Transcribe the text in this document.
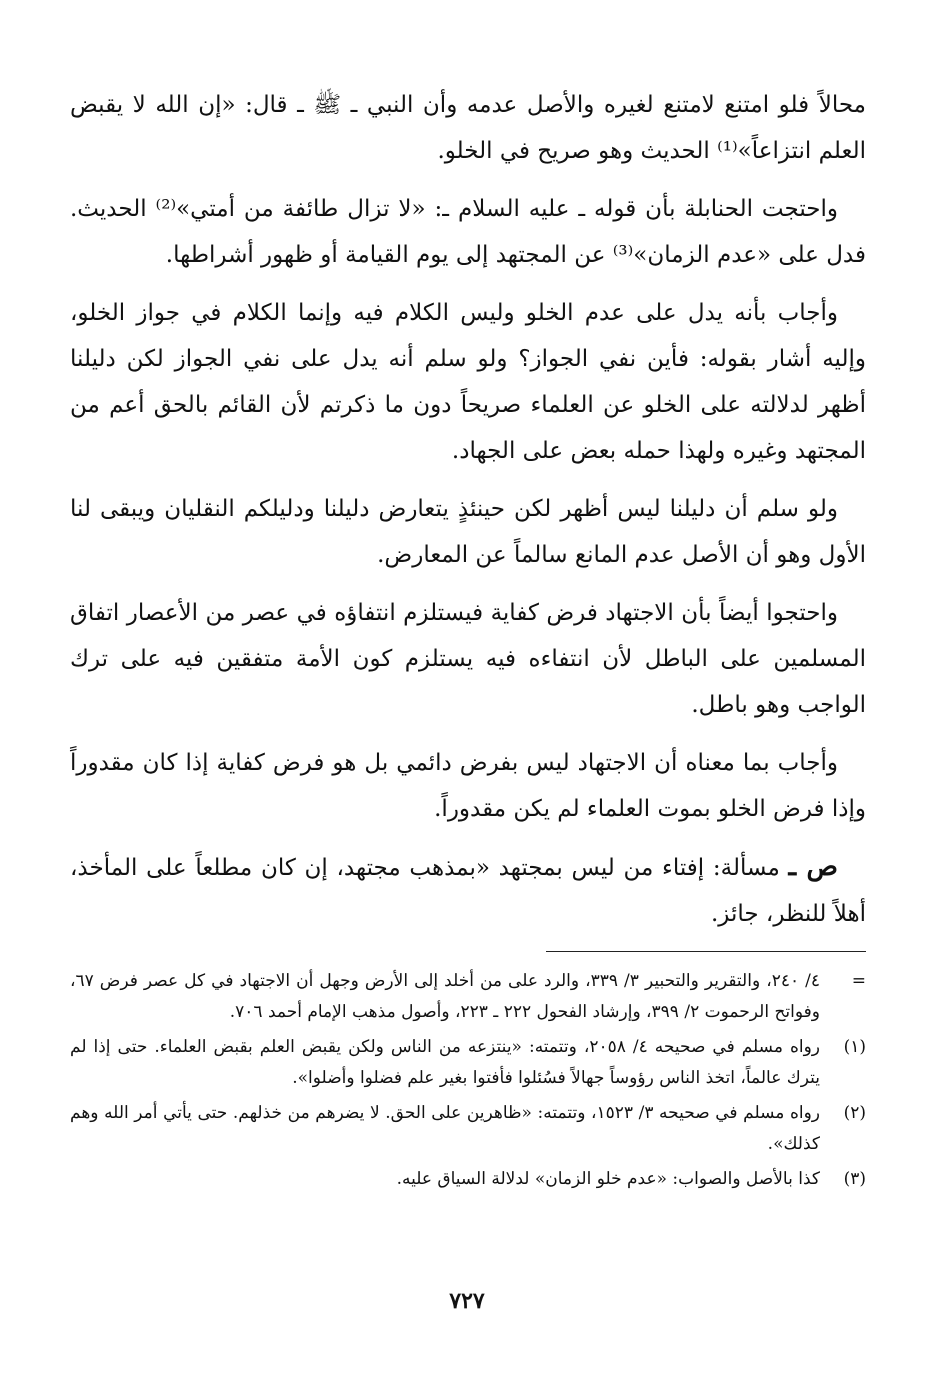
محالاً فلو امتنع لامتنع لغيره والأصل عدمه وأن النبي ـ ﷺ ـ قال: «إن الله لا يقبض العلم انتزاعاً»⁽¹⁾ الحديث وهو صريح في الخلو.

واحتجت الحنابلة بأن قوله ـ عليه السلام ـ: «لا تزال طائفة من أمتي»⁽²⁾ الحديث. فدل على «عدم الزمان»⁽³⁾ عن المجتهد إلى يوم القيامة أو ظهور أشراطها.

وأجاب بأنه يدل على عدم الخلو وليس الكلام فيه وإنما الكلام في جواز الخلو، وإليه أشار بقوله: فأين نفي الجواز؟ ولو سلم أنه يدل على نفي الجواز لكن دليلنا أظهر لدلالته على الخلو عن العلماء صريحاً دون ما ذكرتم لأن القائم بالحق أعم من المجتهد وغيره ولهذا حمله بعض على الجهاد.

ولو سلم أن دليلنا ليس أظهر لكن حينئذٍ يتعارض دليلنا ودليلكم النقليان ويبقى لنا الأول وهو أن الأصل عدم المانع سالماً عن المعارض.

واحتجوا أيضاً بأن الاجتهاد فرض كفاية فيستلزم انتفاؤه في عصر من الأعصار اتفاق المسلمين على الباطل لأن انتفاءه فيه يستلزم كون الأمة متفقين فيه على ترك الواجب وهو باطل.

وأجاب بما معناه أن الاجتهاد ليس بفرض دائمي بل هو فرض كفاية إذا كان مقدوراً وإذا فرض الخلو بموت العلماء لم يكن مقدوراً.

ص ـ مسألة: إفتاء من ليس بمجتهد «بمذهب مجتهد، إن كان مطلعاً على المأخذ، أهلاً للنظر، جائز.

=
٤/ ٢٤٠، والتقرير والتحبير ٣/ ٣٣٩، والرد على من أخلد إلى الأرض وجهل أن الاجتهاد في كل عصر فرض ٦٧، وفواتح الرحموت ٢/ ٣٩٩، وإرشاد الفحول ٢٢٢ ـ ٢٢٣، وأصول مذهب الإمام أحمد ٧٠٦.
(١)
رواه مسلم في صحيحه ٤/ ٢٠٥٨، وتتمته: «ينتزعه من الناس ولكن يقبض العلم بقبض العلماء. حتى إذا لم يترك عالماً، اتخذ الناس رؤوساً جهالاً فسُئلوا فأفتوا بغير علم فضلوا وأضلوا».
(٢)
رواه مسلم في صحيحه ٣/ ١٥٢٣، وتتمته: «ظاهرين على الحق. لا يضرهم من خذلهم. حتى يأتي أمر الله وهم كذلك».
(٣)
كذا بالأصل والصواب: «عدم خلو الزمان» لدلالة السياق عليه.
٧٢٧
